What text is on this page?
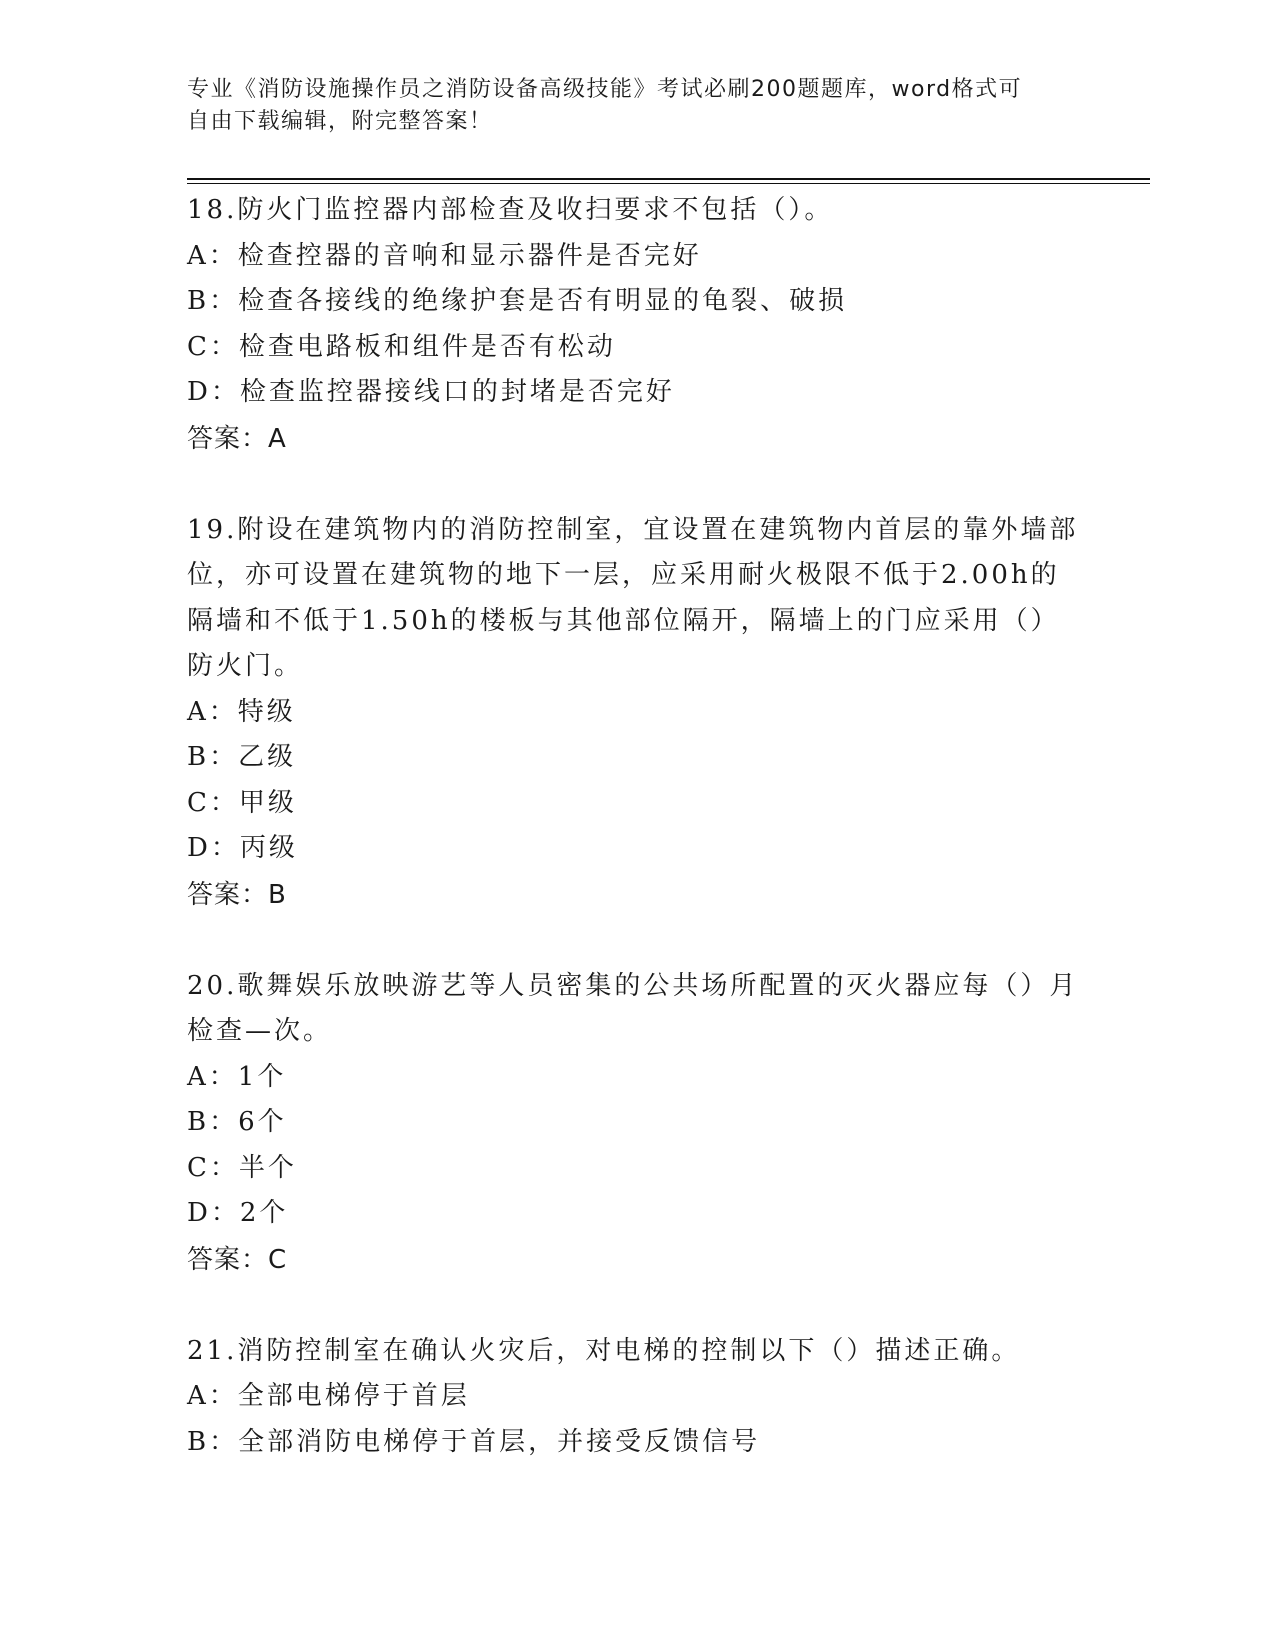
专业《消防设施操作员之消防设备高级技能》考试必刷200题题库，word格式可
自由下载编辑，附完整答案！

18.防火门监控器内部检查及收扫要求不包括（）。

A：检查控器的音响和显示器件是否完好

B：检查各接线的绝缘护套是否有明显的龟裂、破损

C：检查电路板和组件是否有松动

D：检查监控器接线口的封堵是否完好

答案：A

19.附设在建筑物内的消防控制室，宜设置在建筑物内首层的靠外墙部

位，亦可设置在建筑物的地下一层，应采用耐火极限不低于2.00h的

隔墙和不低于1.50h的楼板与其他部位隔开，隔墙上的门应采用（）

防火门。

A：特级

B：乙级

C：甲级

D：丙级

答案：B

20.歌舞娱乐放映游艺等人员密集的公共场所配置的灭火器应每（）月

检查—次。

A：1个

B：6个

C：半个

D：2个

答案：C

21.消防控制室在确认火灾后，对电梯的控制以下（）描述正确。

A：全部电梯停于首层

B：全部消防电梯停于首层，并接受反馈信号
